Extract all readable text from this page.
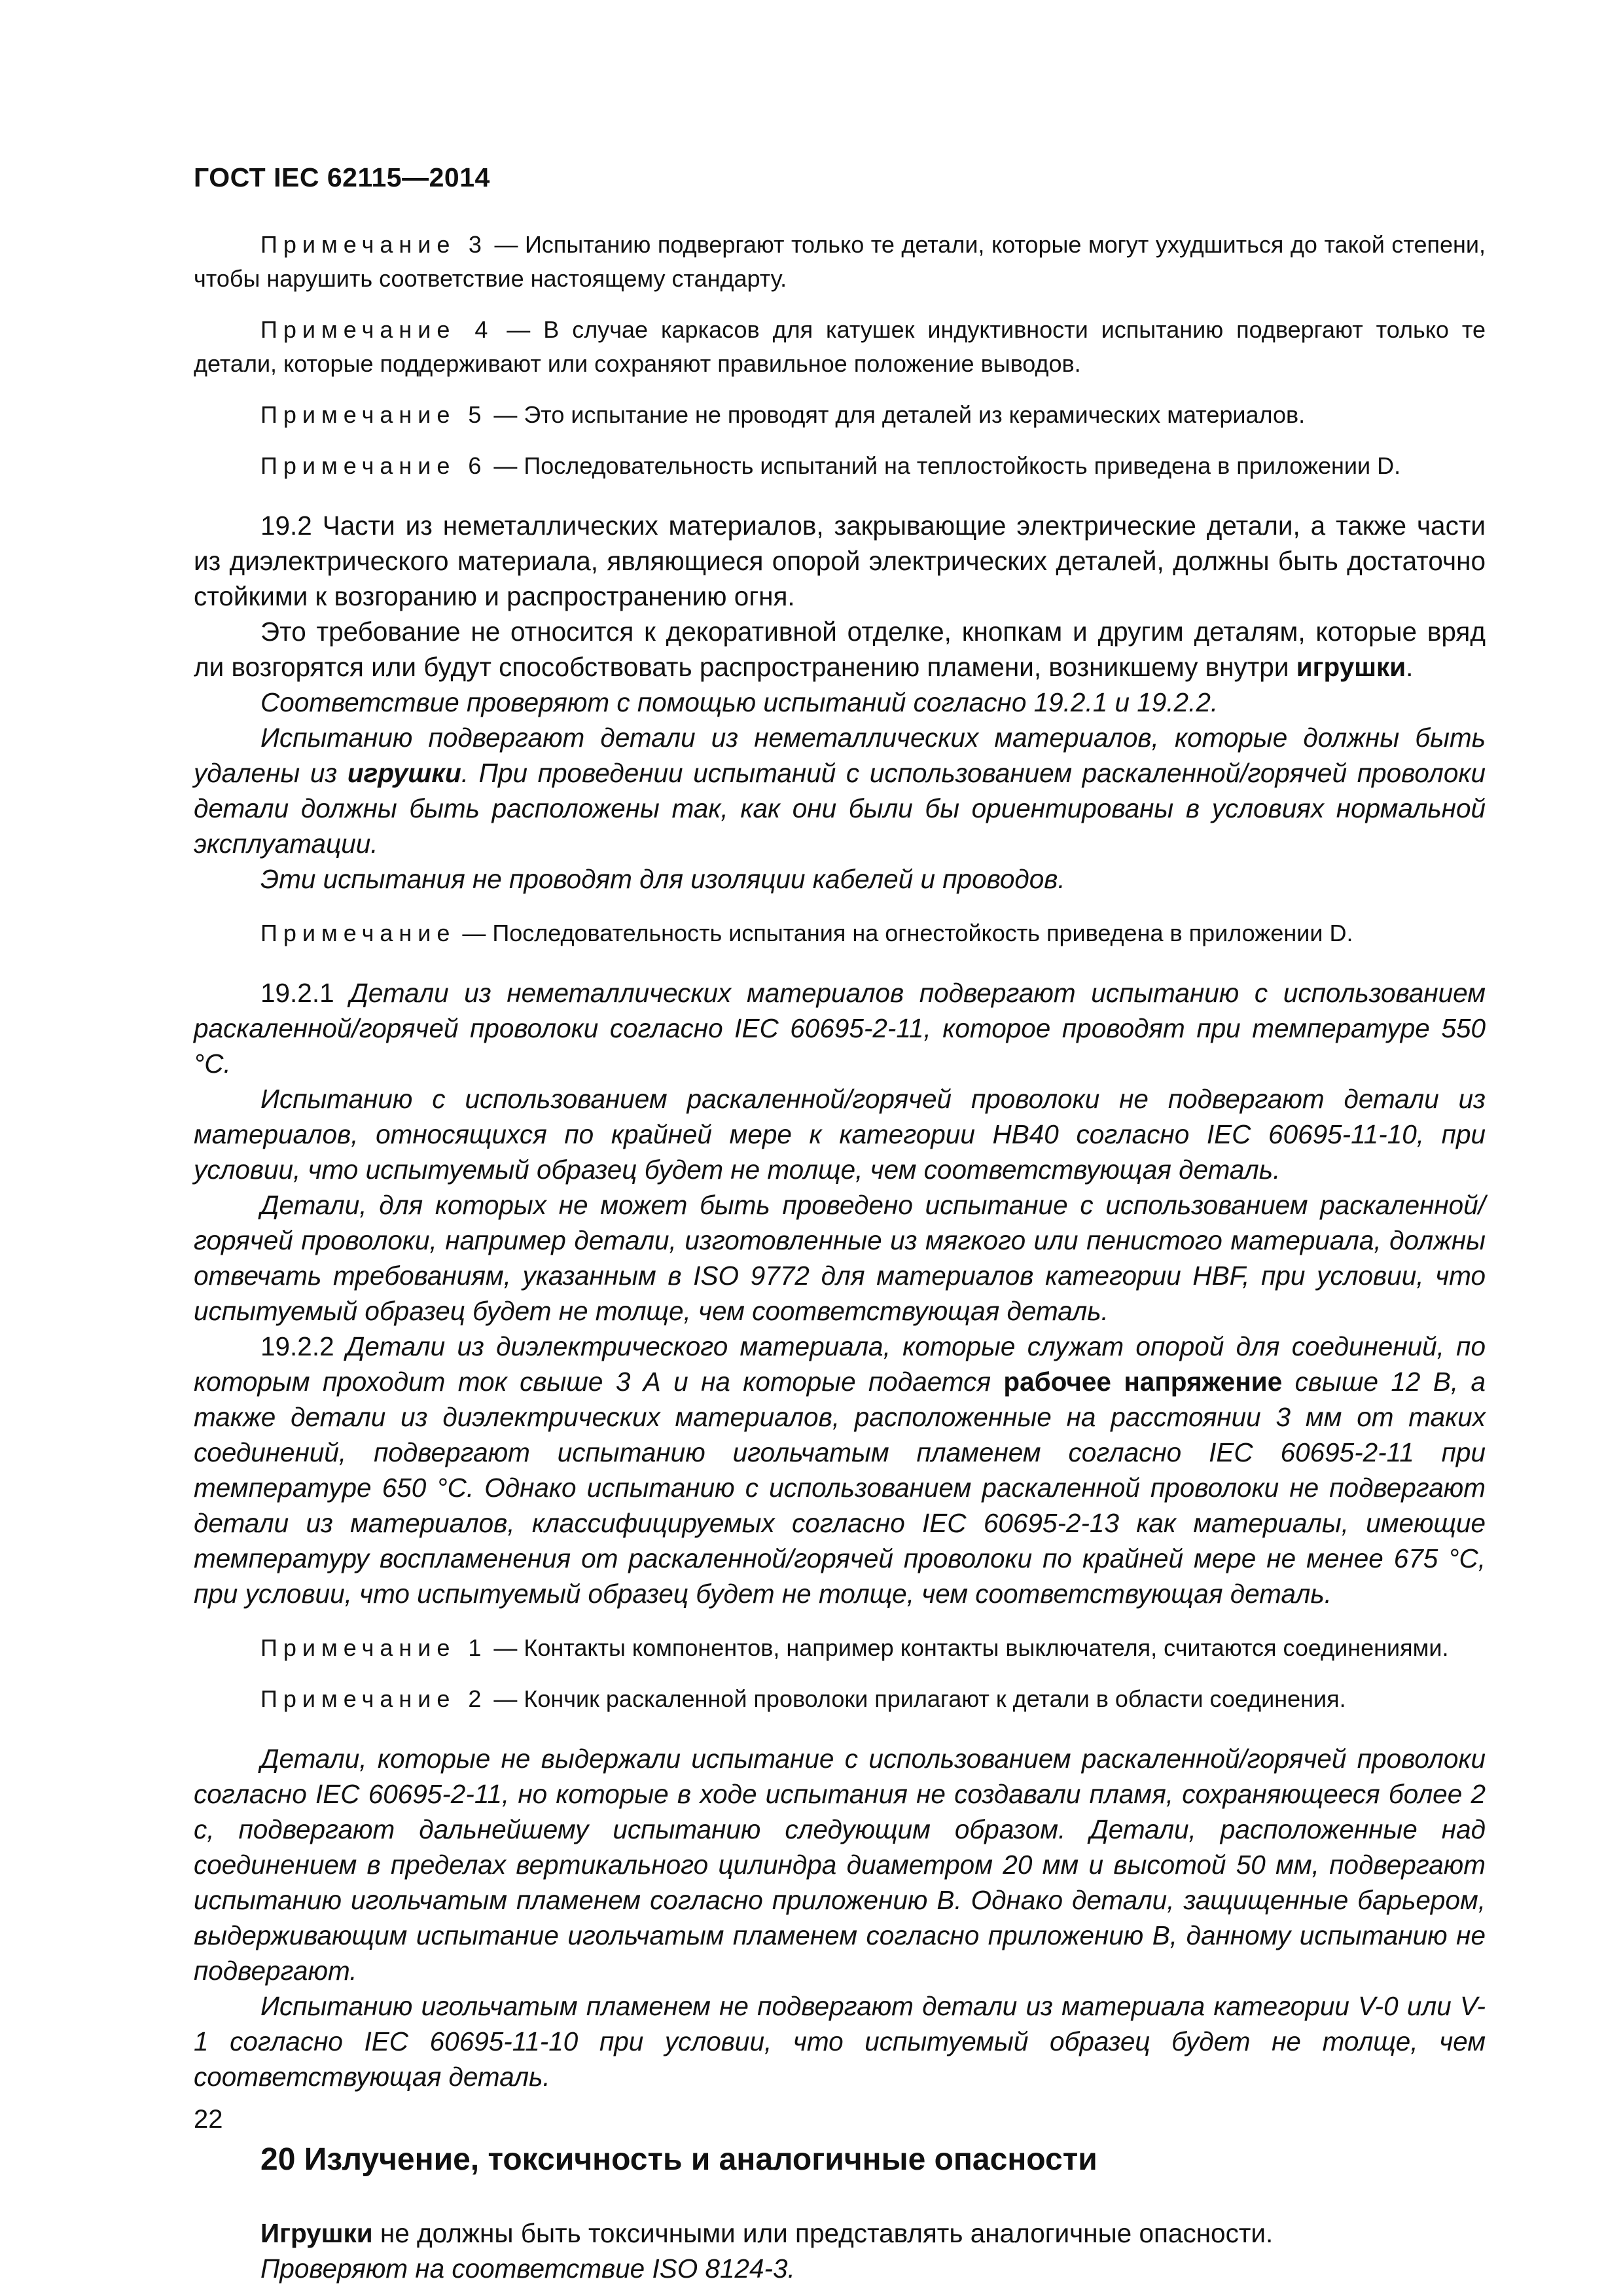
ГОСТ IEC 62115—2014

Примечание 3 — Испытанию подвергают только те детали, которые могут ухудшиться до такой степени, чтобы нарушить соответствие настоящему стандарту.

Примечание 4 — В случае каркасов для катушек индуктивности испытанию подвергают только те детали, которые поддерживают или сохраняют правильное положение выводов.

Примечание 5 — Это испытание не проводят для деталей из керамических материалов.

Примечание 6 — Последовательность испытаний на теплостойкость приведена в приложении D.

19.2 Части из неметаллических материалов, закрывающие электрические детали, а также части из диэлектрического материала, являющиеся опорой электрических деталей, должны быть достаточно стойкими к возгоранию и распространению огня.

Это требование не относится к декоративной отделке, кнопкам и другим деталям, которые вряд ли возгорятся или будут способствовать распространению пламени, возникшему внутри игрушки.

Соответствие проверяют с помощью испытаний согласно 19.2.1 и 19.2.2.

Испытанию подвергают детали из неметаллических материалов, которые должны быть удалены из игрушки. При проведении испытаний с использованием раскаленной/горячей проволоки детали должны быть расположены так, как они были бы ориентированы в условиях нормальной эксплуатации.

Эти испытания не проводят для изоляции кабелей и проводов.

Примечание — Последовательность испытания на огнестойкость приведена в приложении D.

19.2.1 Детали из неметаллических материалов подвергают испытанию с использованием раскаленной/горячей проволоки согласно IEC 60695-2-11, которое проводят при температуре 550 °С.

Испытанию с использованием раскаленной/горячей проволоки не подвергают детали из материалов, относящихся по крайней мере к категории НВ40 согласно IEC 60695-11-10, при условии, что испытуемый образец будет не толще, чем соответствующая деталь.

Детали, для которых не может быть проведено испытание с использованием раскаленной/горячей проволоки, например детали, изготовленные из мягкого или пенистого материала, должны отвечать требованиям, указанным в ISO 9772 для материалов категории HBF, при условии, что испытуемый образец будет не толще, чем соответствующая деталь.

19.2.2 Детали из диэлектрического материала, которые служат опорой для соединений, по которым проходит ток свыше 3 А и на которые подается рабочее напряжение свыше 12 В, а также детали из диэлектрических материалов, расположенные на расстоянии 3 мм от таких соединений, подвергают испытанию игольчатым пламенем согласно IEC 60695-2-11 при температуре 650 °С. Однако испытанию с использованием раскаленной проволоки не подвергают детали из материалов, классифицируемых согласно IEC 60695-2-13 как материалы, имеющие температуру воспламенения от раскаленной/горячей проволоки по крайней мере не менее 675 °С, при условии, что испытуемый образец будет не толще, чем соответствующая деталь.

Примечание 1 — Контакты компонентов, например контакты выключателя, считаются соединениями.

Примечание 2 — Кончик раскаленной проволоки прилагают к детали в области соединения.

Детали, которые не выдержали испытание с использованием раскаленной/горячей проволоки согласно IEC 60695-2-11, но которые в ходе испытания не создавали пламя, сохраняющееся более 2 с, подвергают дальнейшему испытанию следующим образом. Детали, расположенные над соединением в пределах вертикального цилиндра диаметром 20 мм и высотой 50 мм, подвергают испытанию игольчатым пламенем согласно приложению В. Однако детали, защищенные барьером, выдерживающим испытание игольчатым пламенем согласно приложению В, данному испытанию не подвергают.

Испытанию игольчатым пламенем не подвергают детали из материала категории V-0 или V-1 согласно IEC 60695-11-10 при условии, что испытуемый образец будет не толще, чем соответствующая деталь.

20 Излучение, токсичность и аналогичные опасности

Игрушки не должны быть токсичными или представлять аналогичные опасности.

Проверяют на соответствие ISO 8124-3.

22
